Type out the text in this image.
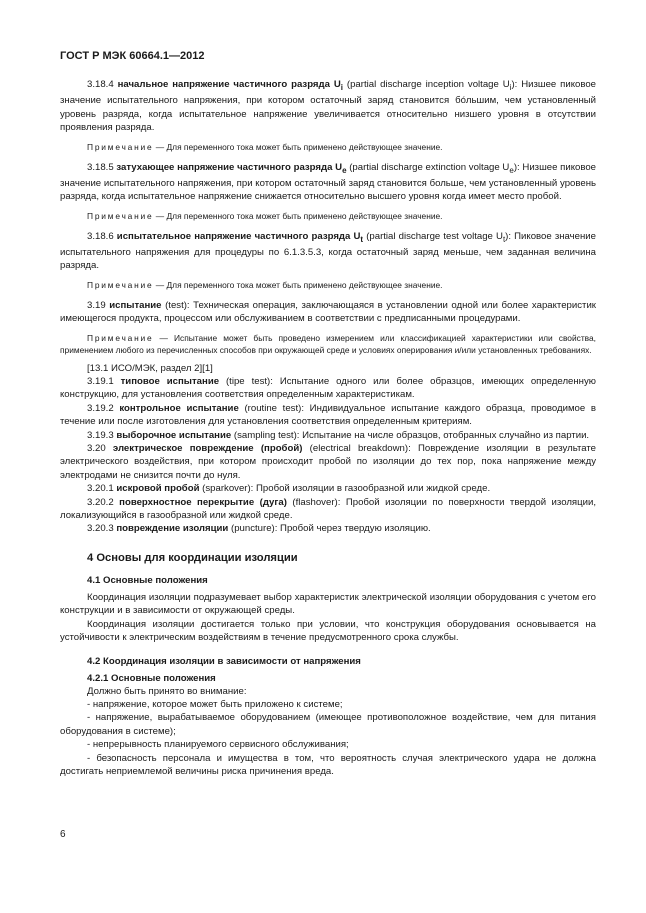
ГОСТ Р МЭК 60664.1—2012

3.18.4 начальное напряжение частичного разряда $U_i$ (partial discharge inception voltage $U_i$): Низшее пиковое значение испытательного напряжения, при котором остаточный заряд становится бóльшим, чем установленный уровень разряда, когда испытательное напряжение увеличивается относительно низшего уровня в отсутствии проявления разряда.

Примечание — Для переменного тока может быть применено действующее значение.

3.18.5 затухающее напряжение частичного разряда $U_e$ (partial discharge extinction voltage $U_e$): Низшее пиковое значение испытательного напряжения, при котором остаточный заряд становится больше, чем установленный уровень разряда, когда испытательное напряжение снижается относительно высшего уровня когда имеет место пробой.

Примечание — Для переменного тока может быть применено действующее значение.

3.18.6 испытательное напряжение частичного разряда $U_t$ (partial discharge test voltage $U_t$): Пиковое значение испытательного напряжения для процедуры по 6.1.3.5.3, когда остаточный заряд меньше, чем заданная величина разряда.

Примечание — Для переменного тока может быть применено действующее значение.

3.19 испытание (test): Техническая операция, заключающаяся в установлении одной или более характеристик имеющегося продукта, процессом или обслуживанием в соответствии с предписанными процедурами.

Примечание — Испытание может быть проведено измерением или классификацией характеристики или свойства, применением любого из перечисленных способов при окружающей среде и условиях оперирования и/или установленных требованиях.

[13.1 ИСО/МЭК, раздел 2][1]

3.19.1 типовое испытание (tipe test): Испытание одного или более образцов, имеющих определенную конструкцию, для установления соответствия определенным характеристикам.

3.19.2 контрольное испытание (routine test): Индивидуальное испытание каждого образца, проводимое в течение или после изготовления для установления соответствия определенным критериям.

3.19.3 выборочное испытание (sampling test): Испытание на числе образцов, отобранных случайно из партии.

3.20 электрическое повреждение (пробой) (electrical breakdown): Повреждение изоляции в результате электрического воздействия, при котором происходит пробой по изоляции до тех пор, пока напряжение между электродами не снизится почти до нуля.

3.20.1 искровой пробой (sparkover): Пробой изоляции в газообразной или жидкой среде.

3.20.2 поверхностное перекрытие (дуга) (flashover): Пробой изоляции по поверхности твердой изоляции, локализующийся в газообразной или жидкой среде.

3.20.3 повреждение изоляции (puncture): Пробой через твердую изоляцию.

4 Основы для координации изоляции
4.1 Основные положения

Координация изоляции подразумевает выбор характеристик электрической изоляции оборудования с учетом его конструкции и в зависимости от окружающей среды.

Координация изоляции достигается только при условии, что конструкция оборудования основывается на устойчивости к электрическим воздействиям в течение предусмотренного срока службы.

4.2 Координация изоляции в зависимости от напряжения
4.2.1 Основные положения

Должно быть принято во внимание:

- напряжение, которое может быть приложено к системе;

- напряжение, вырабатываемое оборудованием (имеющее противоположное воздействие, чем для питания оборудования в системе);

- непрерывность планируемого сервисного обслуживания;

- безопасность персонала и имущества в том, что вероятность случая электрического удара не должна достигать неприемлемой величины риска причинения вреда.

6
